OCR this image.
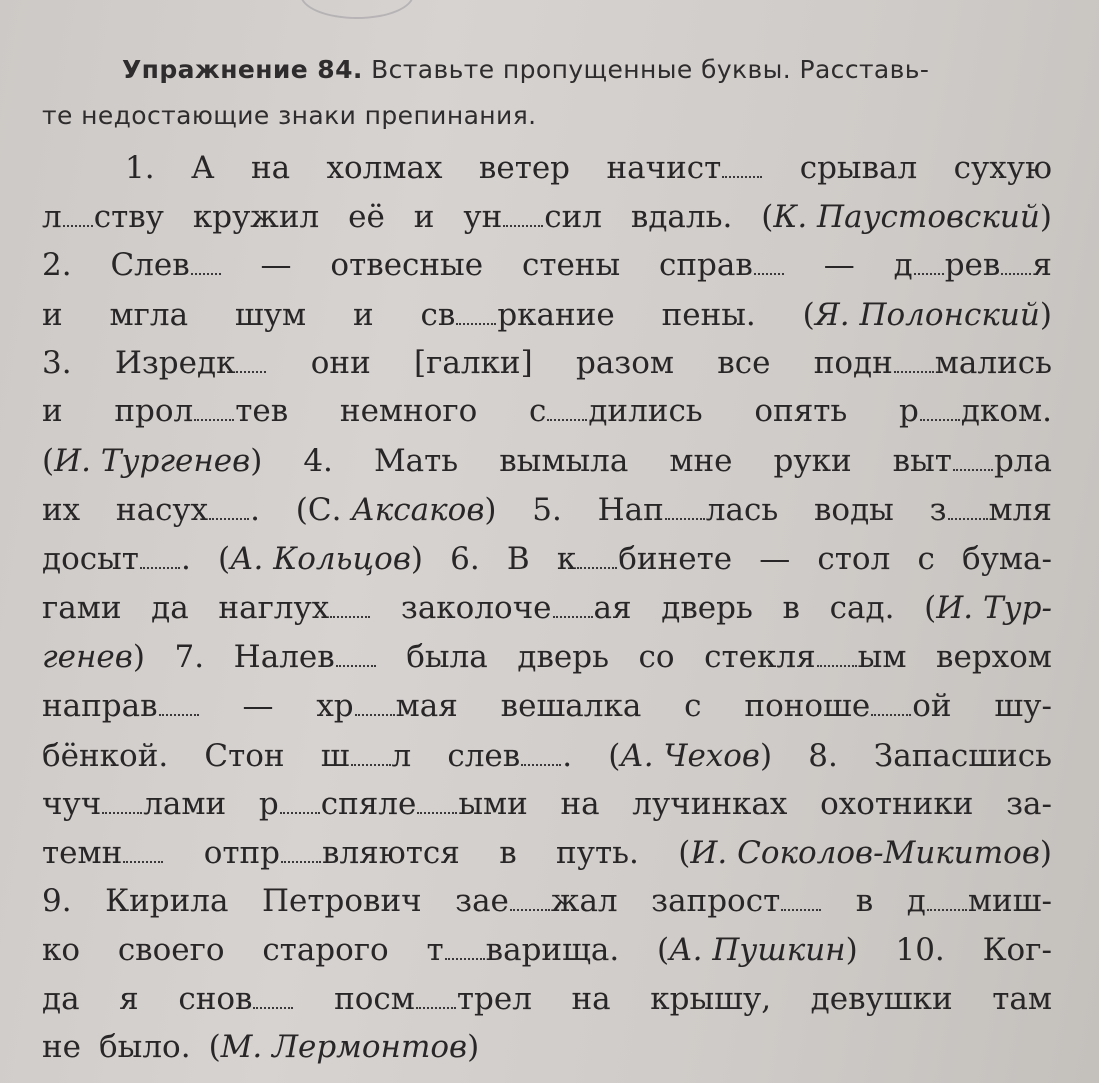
Упражнение 84. Вставьте пропущенные буквы. Расставь-
те недостающие знаки препинания.
1. А на холмах ветер начист	срывал сухую
л ству кружил её и ун сил вдаль. (К. Паустовский)
2. Слев	— отвесные стены справ	— д рев я
и мгла шум и св ркание пены. (Я. Полонский)
3. Изредк	они [галки] разом все подн мались
и прол тев немного с дились опять р дком.
(И. Тургенев) 4. Мать вымыла мне руки выт рла
их насух . (С. Аксаков) 5. Нап лась воды з мля
досыт . (А. Кольцов) 6. В к бинете — стол с бума-
гами да наглух	заколоче ая дверь в сад. (И. Тур-
генев) 7. Налев	была дверь со стекля ым верхом
направ	— хр мая вешалка с поноше ой шу-
бёнкой. Стон ш л слев . (А. Чехов) 8. Запасшись
чуч лами р спяле ыми на лучинках охотники за-
темн	отпр вляются в путь. (И. Соколов-Микитов)
9. Кирила Петрович зае жал запрост	в д миш-
ко своего старого т варища. (А. Пушкин) 10. Ког-
да я снов	посм трел на крышу, девушки там
не было. (М. Лермонтов)
